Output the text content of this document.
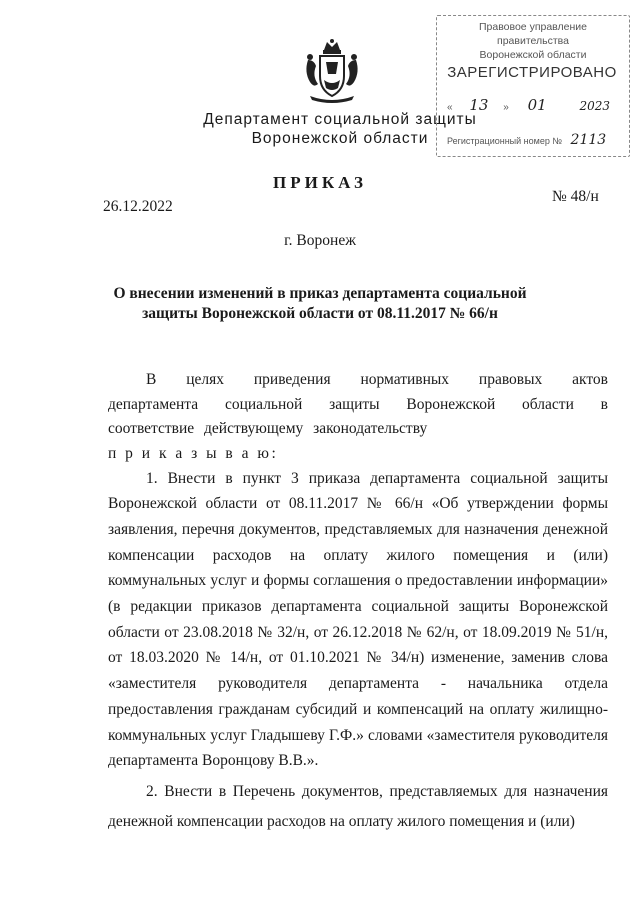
Департамент социальной защиты
Воронежской области
Правовое управление правительства
Воронежской области
ЗАРЕГИСТРИРОВАНО
« 13 » 01	2023
Регистрационный номер № 2113
ПРИКАЗ
26.12.2022
№ 48/н
г. Воронеж
О внесении изменений в приказ департамента социальной защиты Воронежской области от 08.11.2017 № 66/н

В целях приведения нормативных правовых актов департамента социальной защиты Воронежской области в соответствие действующему законодательству

п р и к а з ы в а ю:

1. Внести в пункт 3 приказа департамента социальной защиты Воронежской области от 08.11.2017 № 66/н «Об утверждении формы заявления, перечня документов, представляемых для назначения денежной компенсации расходов на оплату жилого помещения и (или) коммунальных услуг и формы соглашения о предоставлении информации» (в редакции приказов департамента социальной защиты Воронежской области от 23.08.2018 № 32/н, от 26.12.2018 № 62/н, от 18.09.2019 № 51/н, от 18.03.2020 № 14/н, от 01.10.2021 № 34/н) изменение, заменив слова «заместителя руководителя департамента - начальника отдела предоставления гражданам субсидий и компенсаций на оплату жилищно-коммунальных услуг Гладышеву Г.Ф.» словами «заместителя руководителя департамента Воронцову В.В.».

2. Внести в Перечень документов, представляемых для назначения денежной компенсации расходов на оплату жилого помещения и (или)
